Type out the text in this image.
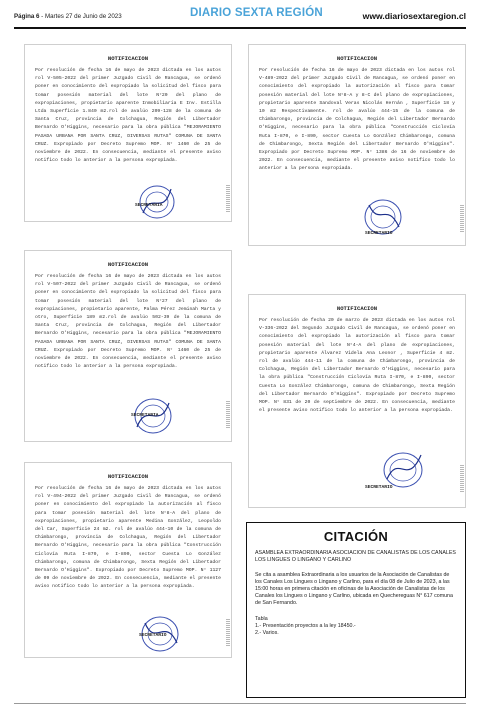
Página 6 - Martes 27 de Junio de 2023	DIARIO SEXTA REGIÓN	www.diariosextaregion.cl
NOTIFICACION
Por resolución de fecha 16 de mayo de 2023 dictada en los autos rol V-505-2022 del primer Juzgado Civil de Rancagua, se ordenó poner en conocimiento del expropiado la solicitud del fisco para tomar posesión material del lote N°20 del plano de expropiaciones, propietario aparente Inmobiliaria E Inv. Estilla Ltda Superficie 1.840 m2.rol de avalúo 209-128 de la comuna de Santa Cruz, provincia de Colchagua, Región del Libertador Bernardo O'Higgins, necesario para la obra pública "MEJORAMIENTO PASADA URBANA POR SANTA CRUZ, DIVERSAS RUTAS" COMUNA DE SANTA CRUZ. Expropiado por Decreto Supremo MOP. N° 1460 de 25 de noviembre de 2022. En consecuencia, mediante el presente aviso notifico todo lo anterior a la persona expropiada.
SECRETARIA
NOTIFICACION
Por resolución de fecha 16 de mayo de 2023 dictada en los autos rol V-489-2022 del primer Juzgado Civil de Rancagua, se ordenó poner en conocimiento del expropiado la autorización al fisco para tomar posesión material del lote N°8-A y 8-C del plano de expropiaciones, propietario aparente Sandoval Veras Nicolás Hernán , Superficie 18 y 10 m2 Respectivamente. rol de avalúo 444-15 de la comuna de Chimbarongo, provincia de Colchagua, Región del Libertador Bernardo O'Higgins, necesario para la obra pública "Construcción Ciclovía Ruta I-870, e I-890, sector Cuesta Lo González Chimbarongo, comuna de Chimbarongo, Sexta Región del Libertador Bernardo O'Higgins". Expropiado por Decreto Supremo MOP. N° 1386 de 16 de noviembre de 2022. En consecuencia, mediante el presente aviso notifico todo lo anterior a la persona expropiada.
SECRETARIO
NOTIFICACION
Por resolución de fecha 16 de mayo de 2023 dictada en los autos rol V-507-2022 del primer Juzgado Civil de Rancagua, se ordenó poner en conocimiento del expropiado la solicitud del fisco para tomar posesión material del lote N°27 del plano de expropiaciones, propietario aparente, Palma Pérez Jeminah Marta y otro, Superficie 189 m2.rol de avalúo 502-39 de la comuna de Santa Cruz, provincia de Colchagua, Región del Libertador Bernardo O'Higgins, necesario para la obra pública "MEJORAMIENTO PASADA URBANA POR SANTA CRUZ, DIVERSAS RUTAS" COMUNA DE SANTA CRUZ. Expropiado por Decreto Supremo MOP. N° 1460 de 25 de noviembre de 2022. En consecuencia, mediante el presente aviso notifico todo lo anterior a la persona expropiada.
SECRETARIA
NOTIFICACION
Por resolución de fecha 20 de marzo de 2023 dictada en los autos rol V-336-2022 del Segundo Juzgado Civil de Rancagua, se ordenó poner en conocimiento del expropiado la autorización al fisco para tomar posesión material del lote N°4-A del plano de expropiaciones, propietario aparente Álvarez Videla Ana Leonor , Superficie 4 m2. rol de avalúo 444-11 de la comuna de Chimbarongo, provincia de Colchagua, Región del Libertador Bernardo O'Higgins, necesario para la obra pública "Construcción Ciclovía Ruta I-870, e I-890, sector Cuesta Lo González Chimbarongo, comuna de Chimbarongo, Sexta Región del Libertador Bernardo O'Higgins". Expropiado por Decreto Supremo MOP. N° 831 de 20 de septiembre de 2022. En consecuencia, mediante el presente aviso notifico todo lo anterior a la persona expropiada.
SECRETARIO
NOTIFICACION
Por resolución de fecha 16 de mayo de 2023 dictada en los autos rol V-494-2022 del primer Juzgado Civil de Rancagua, se ordenó poner en conocimiento del expropiado la autorización al fisco para tomar posesión material del lote N°8-A del plano de expropiaciones, propietario aparente Medina González, Leopoldo del Car, Superficie 24 m2. rol de avalúo 444-10 de la comuna de Chimbarongo, provincia de Colchagua, Región del Libertador Bernardo O'Higgins, necesario para la obra pública "Construcción Ciclovía Ruta I-870, e I-890, sector Cuesta Lo González Chimbarongo, comuna de Chimbarongo, Sexta Región del Libertador Bernardo O'Higgins". Expropiado por Decreto Supremo MOP. N° 1127 de 09 de noviembre de 2022. En consecuencia, mediante el presente aviso notifico todo lo anterior a la persona expropiada.
SECRETARIO
CITACIÓN
ASAMBLEA EXTRAORDINARIA ASOCIACION DE CANALISTAS DE LOS CANALES LOS LINGUES O LINGANO Y CARLINO
Se cita a asamblea Extraordinaria a los usuarios de la Asociación de Canalistas de los Canales Los Lingues o Lingano y Carlino, para el día 08 de Julio de 2023, a las 15:00 horas en primera citación en oficinas de la Asociación de Canalistas de los Canales los Lingues o Lingano y Carlino, ubicada en Quechereguas N° 617 comuna de San Fernando.
Tabla
1.- Presentación proyectos a la ley 18450.-
2.- Varios.
